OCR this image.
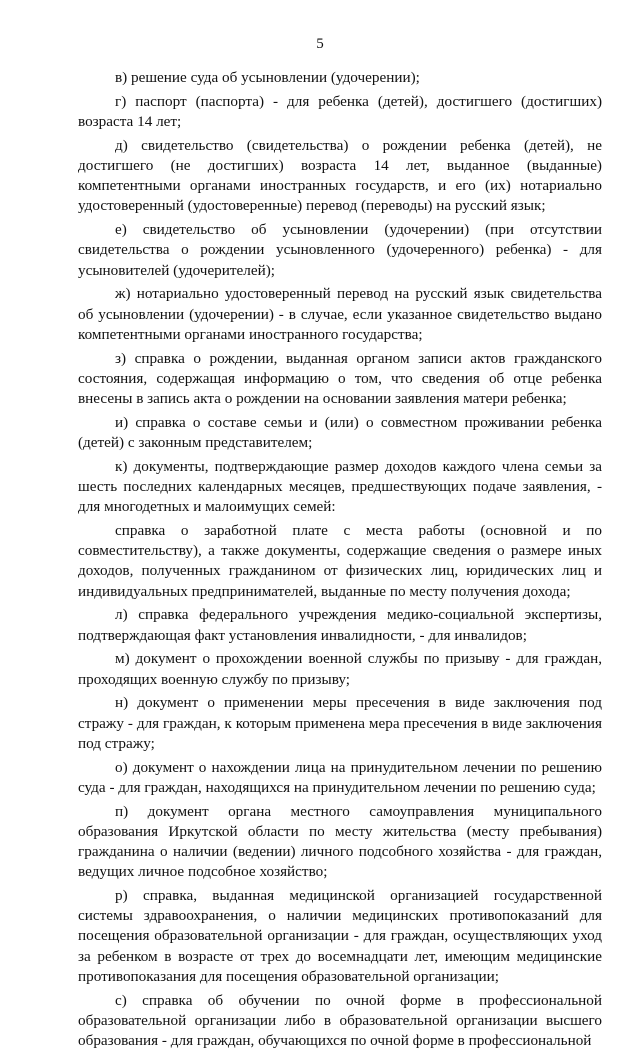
5

в) решение суда об усыновлении (удочерении);

г) паспорт (паспорта) - для ребенка (детей), достигшего (достигших) возраста 14 лет;

д) свидетельство (свидетельства) о рождении ребенка (детей), не достигшего (не достигших) возраста 14 лет, выданное (выданные) компетентными органами иностранных государств, и его (их) нотариально удостоверенный (удостоверенные) перевод (переводы) на русский язык;

е) свидетельство об усыновлении (удочерении) (при отсутствии свидетельства о рождении усыновленного (удочеренного) ребенка) - для усыновителей (удочерителей);

ж) нотариально удостоверенный перевод на русский язык свидетельства об усыновлении (удочерении) - в случае, если указанное свидетельство выдано компетентными органами иностранного государства;

з) справка о рождении, выданная органом записи актов гражданского состояния, содержащая информацию о том, что сведения об отце ребенка внесены в запись акта о рождении на основании заявления матери ребенка;

и) справка о составе семьи и (или) о совместном проживании ребенка (детей) с законным представителем;

к) документы, подтверждающие размер доходов каждого члена семьи за шесть последних календарных месяцев, предшествующих подаче заявления, - для многодетных и малоимущих семей:

справка о заработной плате с места работы (основной и по совместительству), а также документы, содержащие сведения о размере иных доходов, полученных гражданином от физических лиц, юридических лиц и индивидуальных предпринимателей, выданные по месту получения дохода;

л) справка федерального учреждения медико-социальной экспертизы, подтверждающая факт установления инвалидности, - для инвалидов;

м) документ о прохождении военной службы по призыву - для граждан, проходящих военную службу по призыву;

н) документ о применении меры пресечения в виде заключения под стражу - для граждан, к которым применена мера пресечения в виде заключения под стражу;

о) документ о нахождении лица на принудительном лечении по решению суда - для граждан, находящихся на принудительном лечении по решению суда;

п) документ органа местного самоуправления муниципального образования Иркутской области по месту жительства (месту пребывания) гражданина о наличии (ведении) личного подсобного хозяйства - для граждан, ведущих личное подсобное хозяйство;

р) справка, выданная медицинской организацией государственной системы здравоохранения, о наличии медицинских противопоказаний для посещения образовательной организации - для граждан, осуществляющих уход за ребенком в возрасте от трех до восемнадцати лет, имеющим медицинские противопоказания для посещения образовательной организации;

с) справка об обучении по очной форме в профессиональной образовательной организации либо в образовательной организации высшего образования - для граждан, обучающихся по очной форме в профессиональной
